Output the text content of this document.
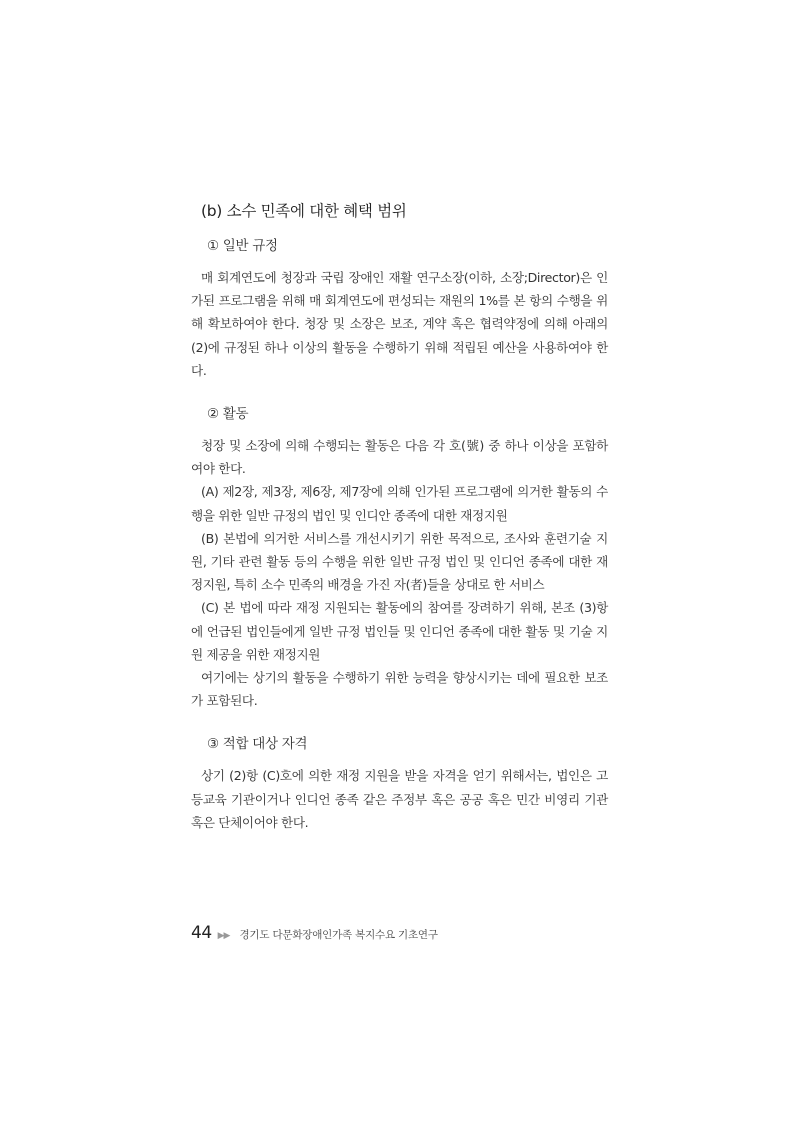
(b) 소수 민족에 대한 혜택 범위
① 일반 규정

매 회계연도에 청장과 국립 장애인 재활 연구소장(이하, 소장;Director)은 인가된 프로그램을 위해 매 회계연도에 편성되는 재원의 1%를 본 항의 수행을 위해 확보하여야 한다. 청장 및 소장은 보조, 계약 혹은 협력약정에 의해 아래의 (2)에 규정된 하나 이상의 활동을 수행하기 위해 적립된 예산을 사용하여야 한다.

② 활동

청장 및 소장에 의해 수행되는 활동은 다음 각 호(號) 중 하나 이상을 포함하여야 한다.

(A) 제2장, 제3장, 제6장, 제7장에 의해 인가된 프로그램에 의거한 활동의 수행을 위한 일반 규정의 법인 및 인디안 종족에 대한 재정지원

(B) 본법에 의거한 서비스를 개선시키기 위한 목적으로, 조사와 훈련기술 지원, 기타 관련 활동 등의 수행을 위한 일반 규정 법인 및 인디언 종족에 대한 재정지원, 특히 소수 민족의 배경을 가진 자(者)들을 상대로 한 서비스

(C) 본 법에 따라 재정 지원되는 활동에의 참여를 장려하기 위해, 본조 (3)항에 언급된 법인들에게 일반 규정 법인들 및 인디언 종족에 대한 활동 및 기술 지원 제공을 위한 재정지원

여기에는 상기의 활동을 수행하기 위한 능력을 향상시키는 데에 필요한 보조가 포함된다.

③ 적합 대상 자격

상기 (2)항 (C)호에 의한 재정 지원을 받을 자격을 얻기 위해서는, 법인은 고등교육 기관이거나 인디언 종족 같은 주정부 혹은 공공 혹은 민간 비영리 기관 혹은 단체이어야 한다.

44 ▶▶ 경기도 다문화장애인가족 복지수요 기초연구
